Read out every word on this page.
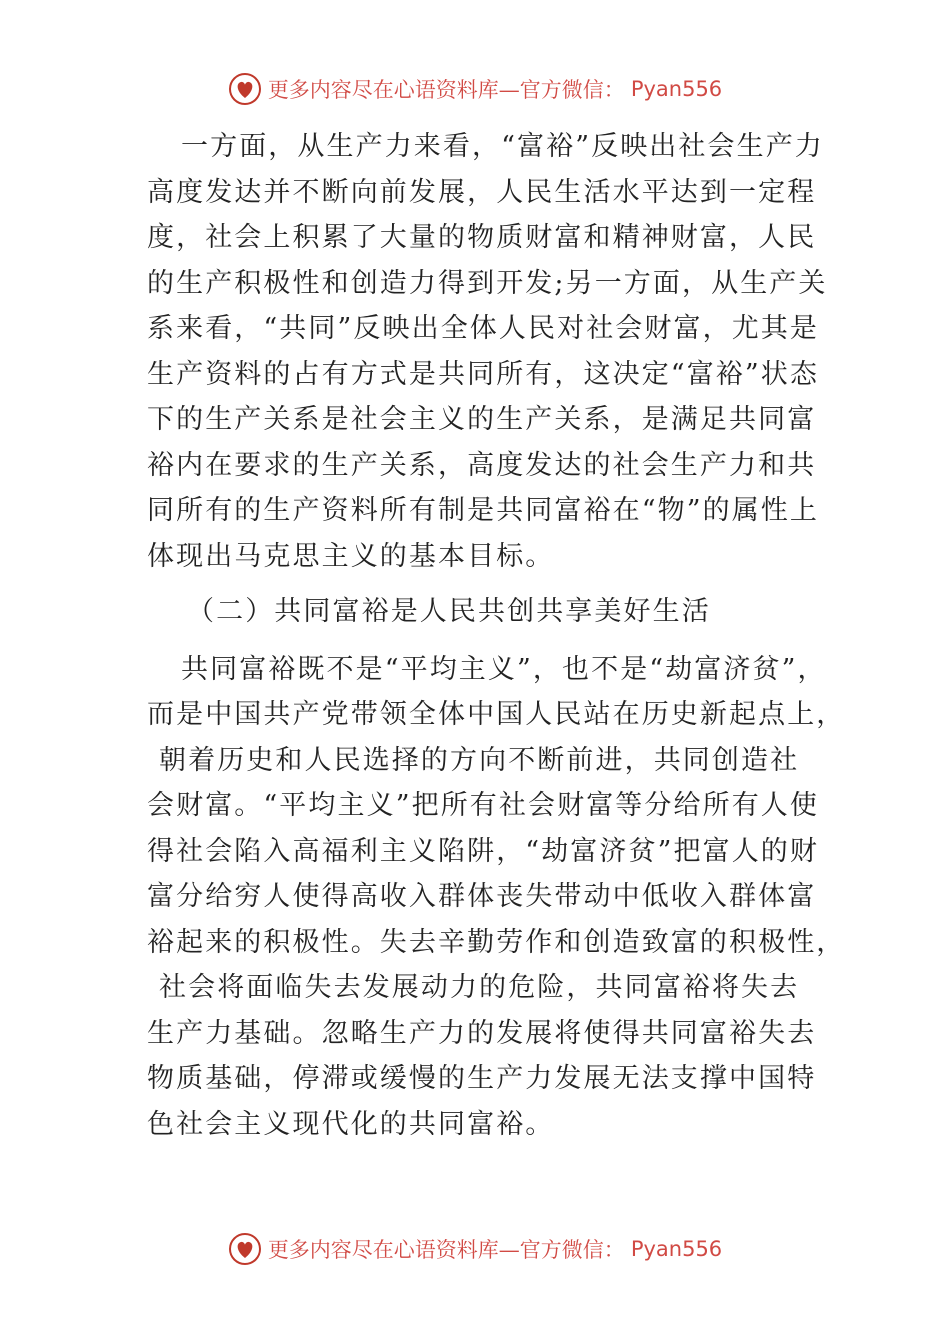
更多内容尽在心语资料库—官方微信： Pyan556
一方面，从生产力来看，“富裕”反映出社会生产力
高度发达并不断向前发展，人民生活水平达到一定程
度，社会上积累了大量的物质财富和精神财富，人民
的生产积极性和创造力得到开发;另一方面，从生产关
系来看，“共同”反映出全体人民对社会财富，尤其是
生产资料的占有方式是共同所有，这决定“富裕”状态
下的生产关系是社会主义的生产关系，是满足共同富
裕内在要求的生产关系，高度发达的社会生产力和共
同所有的生产资料所有制是共同富裕在“物”的属性上
体现出马克思主义的基本目标。
（二）共同富裕是人民共创共享美好生活
共同富裕既不是“平均主义”，也不是“劫富济贫”，
而是中国共产党带领全体中国人民站在历史新起点上，
朝着历史和人民选择的方向不断前进，共同创造社
会财富。“平均主义”把所有社会财富等分给所有人使
得社会陷入高福利主义陷阱，“劫富济贫”把富人的财
富分给穷人使得高收入群体丧失带动中低收入群体富
裕起来的积极性。失去辛勤劳作和创造致富的积极性，
社会将面临失去发展动力的危险，共同富裕将失去
生产力基础。忽略生产力的发展将使得共同富裕失去
物质基础，停滞或缓慢的生产力发展无法支撑中国特
色社会主义现代化的共同富裕。
更多内容尽在心语资料库—官方微信： Pyan556
